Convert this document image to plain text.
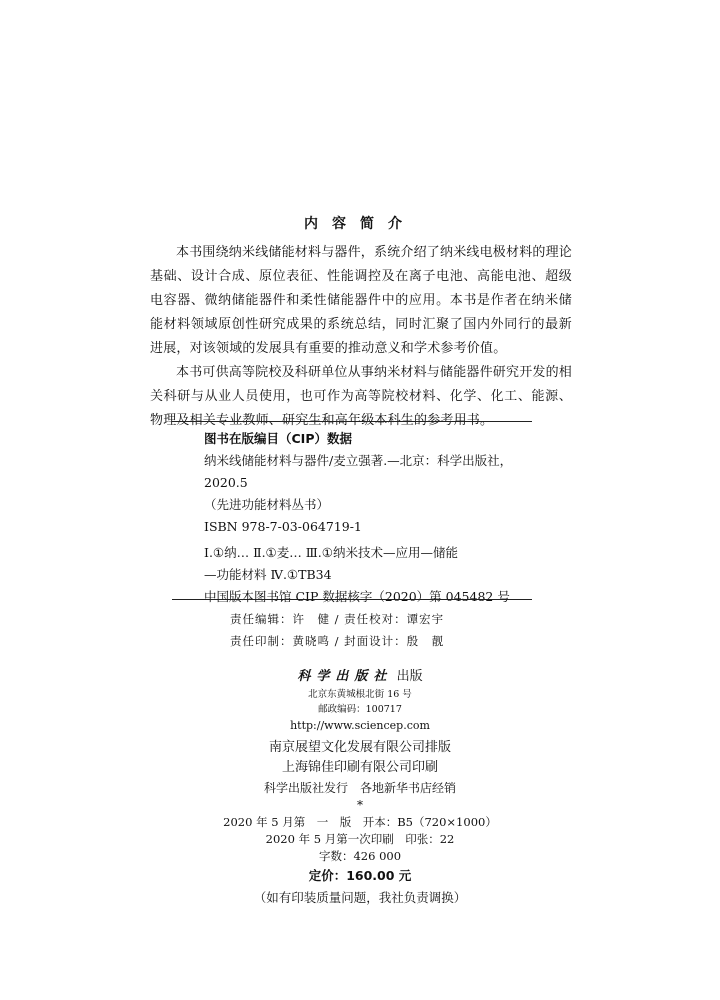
内容简介

本书围绕纳米线储能材料与器件，系统介绍了纳米线电极材料的理论基础、设计合成、原位表征、性能调控及在离子电池、高能电池、超级电容器、微纳储能器件和柔性储能器件中的应用。本书是作者在纳米储能材料领域原创性研究成果的系统总结，同时汇聚了国内外同行的最新进展，对该领域的发展具有重要的推动意义和学术参考价值。

本书可供高等院校及科研单位从事纳米材料与储能器件研究开发的相关科研与从业人员使用，也可作为高等院校材料、化学、化工、能源、物理及相关专业教师、研究生和高年级本科生的参考用书。

图书在版编目（CIP）数据
纳米线储能材料与器件/麦立强著.—北京：科学出版社，
2020.5
（先进功能材料丛书）
ISBN 978-7-03-064719-1
Ⅰ.①纳… Ⅱ.①麦… Ⅲ.①纳米技术—应用—储能
—功能材料 Ⅳ.①TB34
中国版本图书馆 CIP 数据核字（2020）第 045482 号
责任编辑：许　健 / 责任校对：谭宏宇
责任印制：黄晓鸣 / 封面设计：殷　靓
科学出版社 出版
北京东黄城根北街 16 号
邮政编码：100717
http://www.sciencep.com
南京展望文化发展有限公司排版
上海锦佳印刷有限公司印刷
科学出版社发行　各地新华书店经销
*
2020 年 5 月第　一　版　开本：B5（720×1000）
2020 年 5 月第一次印刷　印张：22
字数：426 000
定价：160.00 元
（如有印装质量问题，我社负责调换）
